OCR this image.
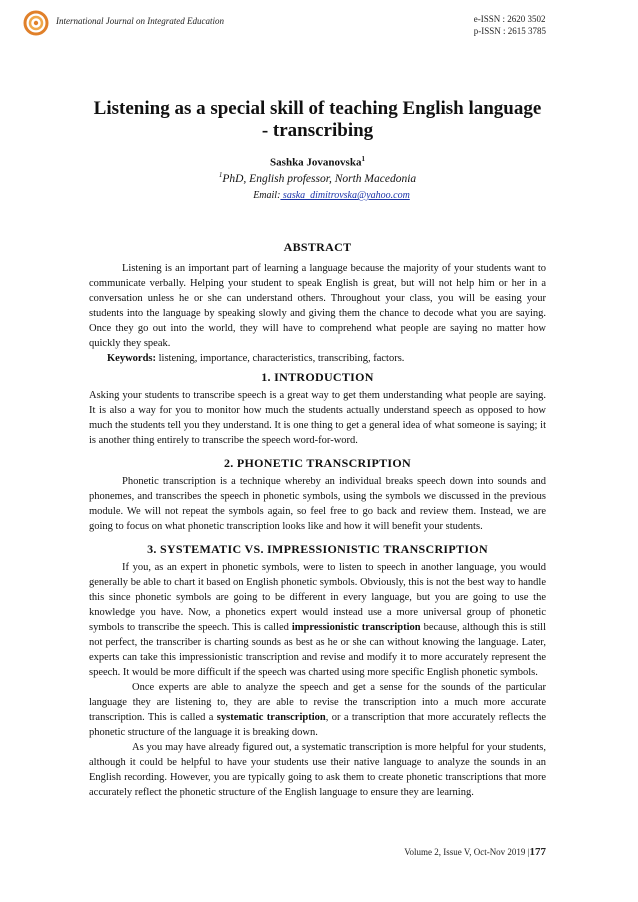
International Journal on Integrated Education	e-ISSN : 2620 3502
p-ISSN : 2615 3785
Listening as a special skill of teaching English language - transcribing
Sashka Jovanovska$^1$
$^1$PhD, English professor, North Macedonia
Email: saska_dimitrovska@yahoo.com
ABSTRACT

Listening is an important part of learning a language because the majority of your students want to communicate verbally. Helping your student to speak English is great, but will not help him or her in a conversation unless he or she can understand others. Throughout your class, you will be easing your students into the language by speaking slowly and giving them the chance to decode what you are saying. Once they go out into the world, they will have to comprehend what people are saying no matter how quickly they speak.

Keywords: listening, importance, characteristics, transcribing, factors.

1. INTRODUCTION

Asking your students to transcribe speech is a great way to get them understanding what people are saying. It is also a way for you to monitor how much the students actually understand speech as opposed to how much the students tell you they understand. It is one thing to get a general idea of what someone is saying; it is another thing entirely to transcribe the speech word-for-word.

2. PHONETIC TRANSCRIPTION

Phonetic transcription is a technique whereby an individual breaks speech down into sounds and phonemes, and transcribes the speech in phonetic symbols, using the symbols we discussed in the previous module. We will not repeat the symbols again, so feel free to go back and review them. Instead, we are going to focus on what phonetic transcription looks like and how it will benefit your students.

3. SYSTEMATIC VS. IMPRESSIONISTIC TRANSCRIPTION

If you, as an expert in phonetic symbols, were to listen to speech in another language, you would generally be able to chart it based on English phonetic symbols. Obviously, this is not the best way to handle this since phonetic symbols are going to be different in every language, but you are going to use the knowledge you have. Now, a phonetics expert would instead use a more universal group of phonetic symbols to transcribe the speech. This is called impressionistic transcription because, although this is still not perfect, the transcriber is charting sounds as best as he or she can without knowing the language. Later, experts can take this impressionistic transcription and revise and modify it to more accurately represent the speech. It would be more difficult if the speech was charted using more specific English phonetic symbols.

Once experts are able to analyze the speech and get a sense for the sounds of the particular language they are listening to, they are able to revise the transcription into a much more accurate transcription. This is called a systematic transcription, or a transcription that more accurately reflects the phonetic structure of the language it is breaking down.

As you may have already figured out, a systematic transcription is more helpful for your students, although it could be helpful to have your students use their native language to analyze the sounds in an English recording. However, you are typically going to ask them to create phonetic transcriptions that more accurately reflect the phonetic structure of the English language to ensure they are learning.

Volume 2, Issue V, Oct-Nov 2019 |177
